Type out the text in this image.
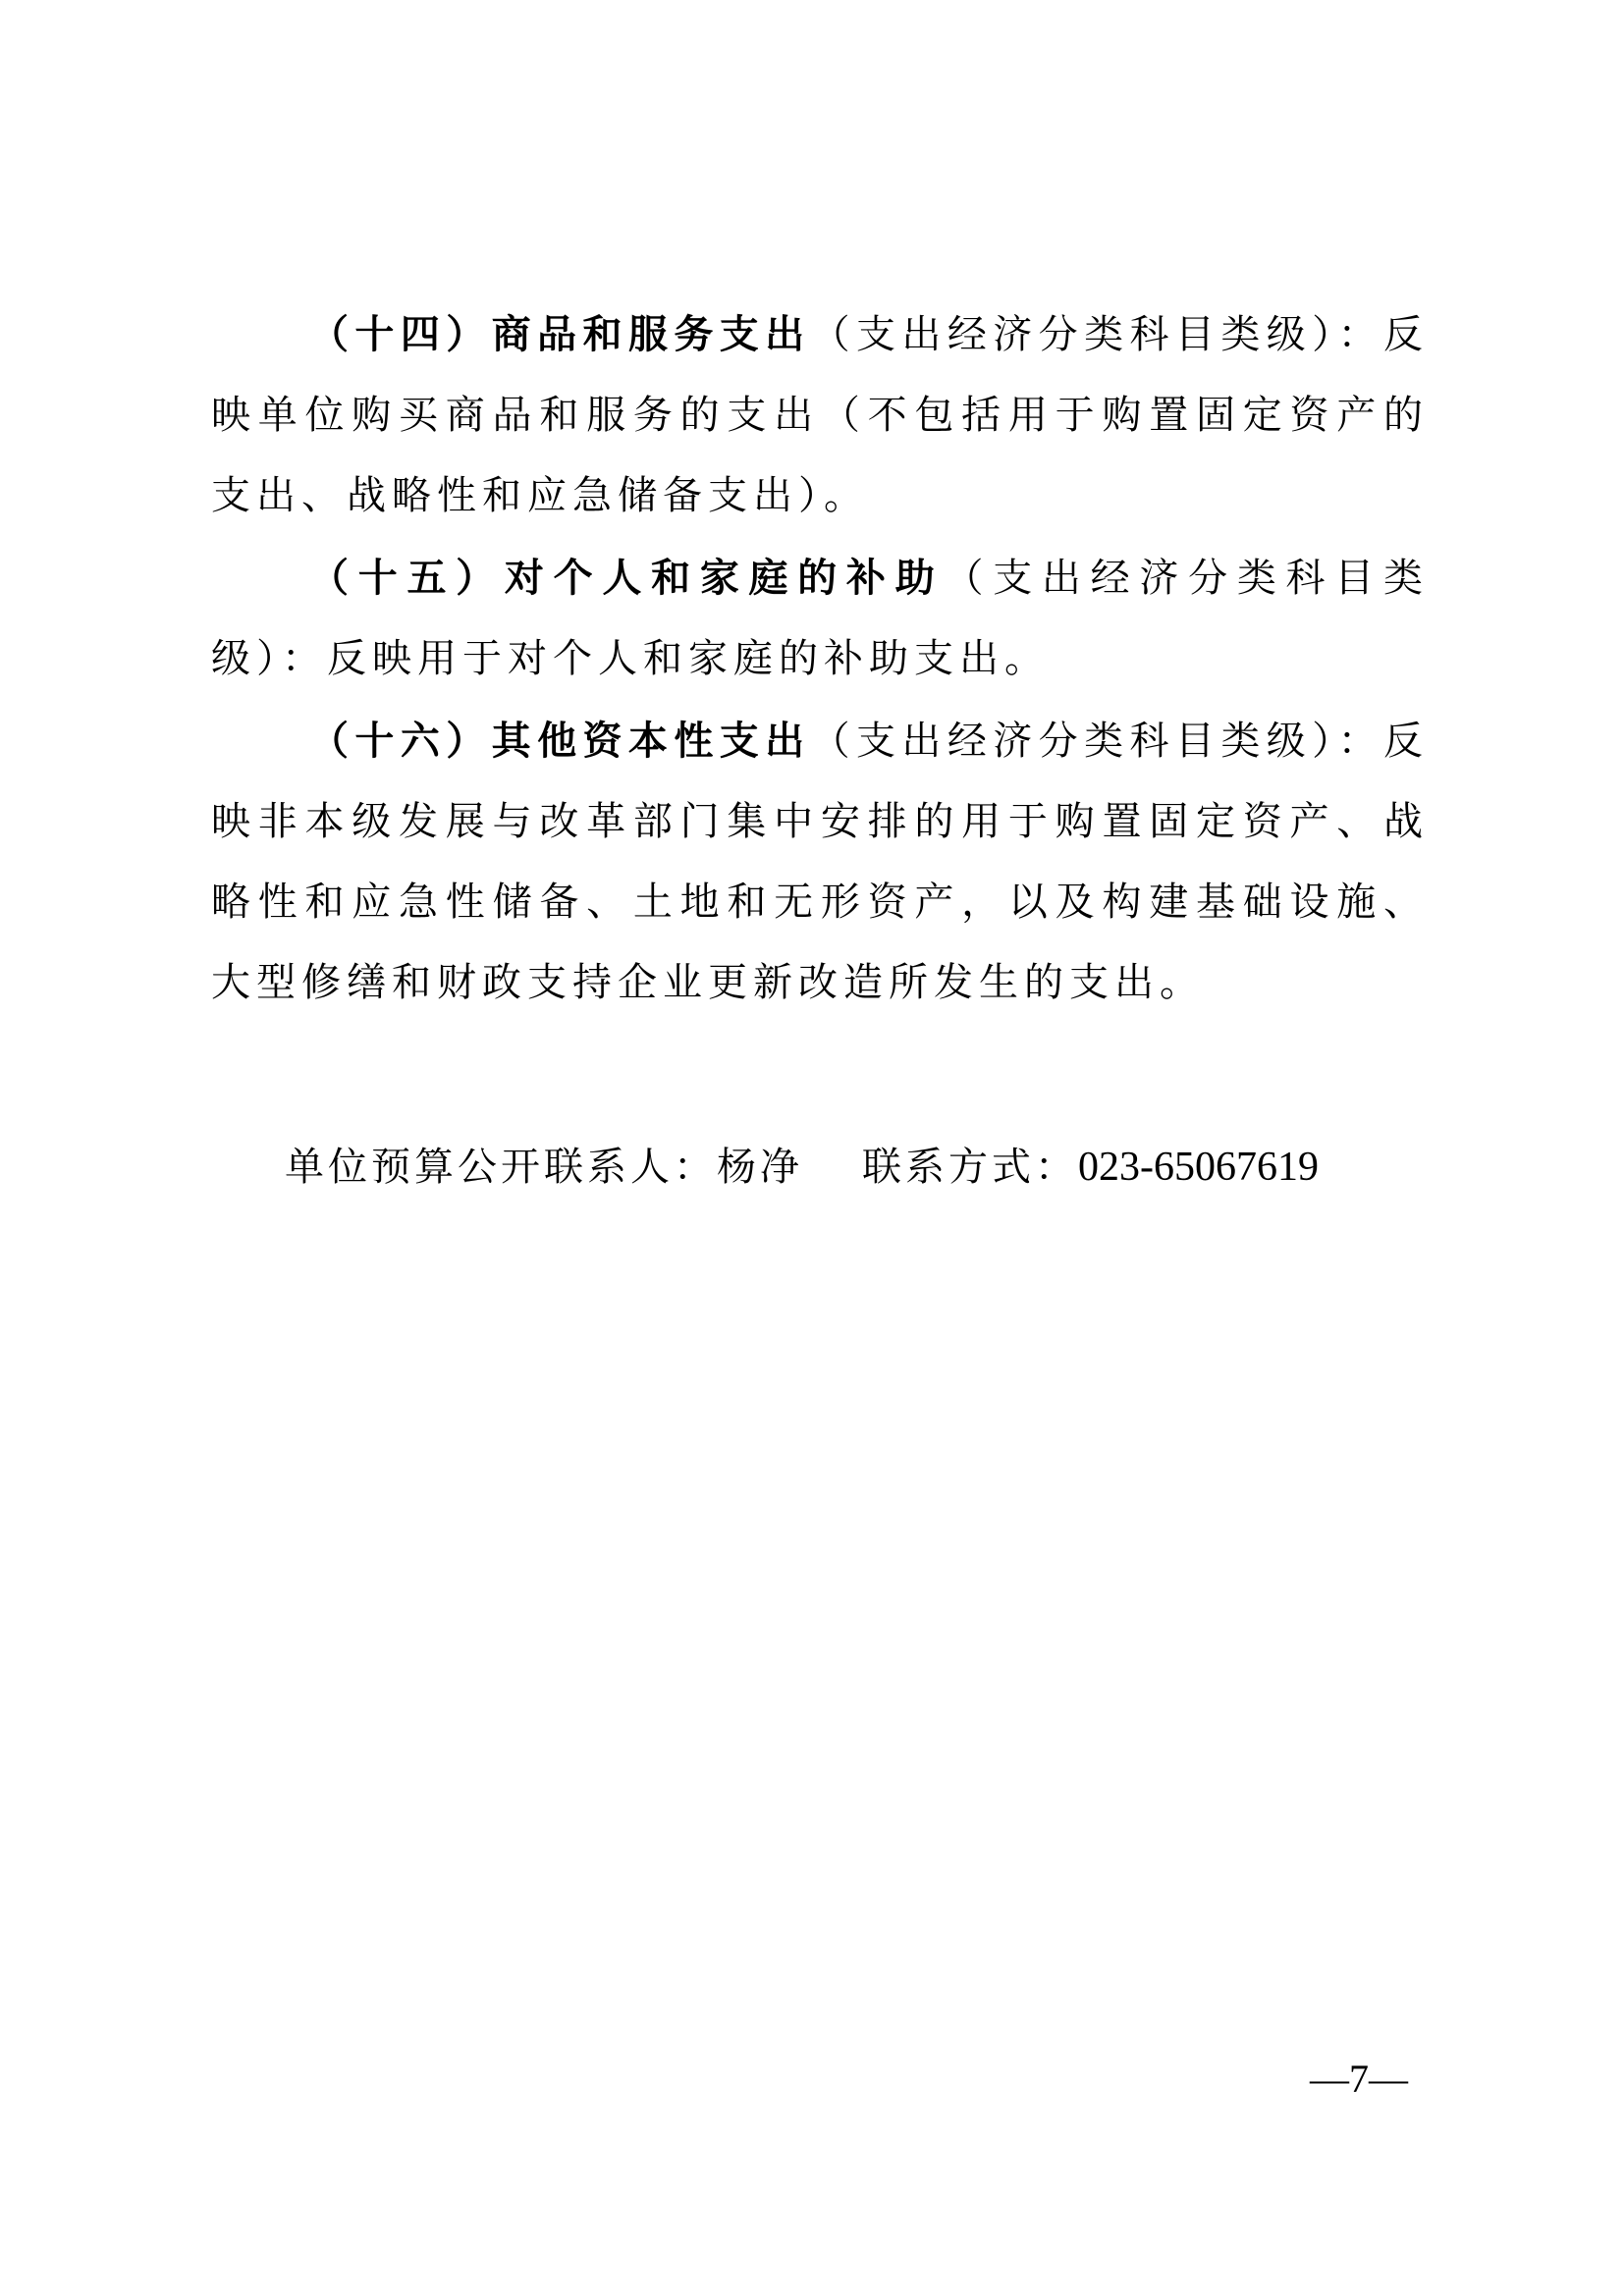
（十四）商品和服务支出（支出经济分类科目类级）：反映单位购买商品和服务的支出（不包括用于购置固定资产的支出、战略性和应急储备支出）。

（十五）对个人和家庭的补助（支出经济分类科目类级）：反映用于对个人和家庭的补助支出。

（十六）其他资本性支出（支出经济分类科目类级）：反映非本级发展与改革部门集中安排的用于购置固定资产、战略性和应急性储备、土地和无形资产，以及构建基础设施、大型修缮和财政支持企业更新改造所发生的支出。

单位预算公开联系人：杨净 联系方式：023-65067619
—7—
